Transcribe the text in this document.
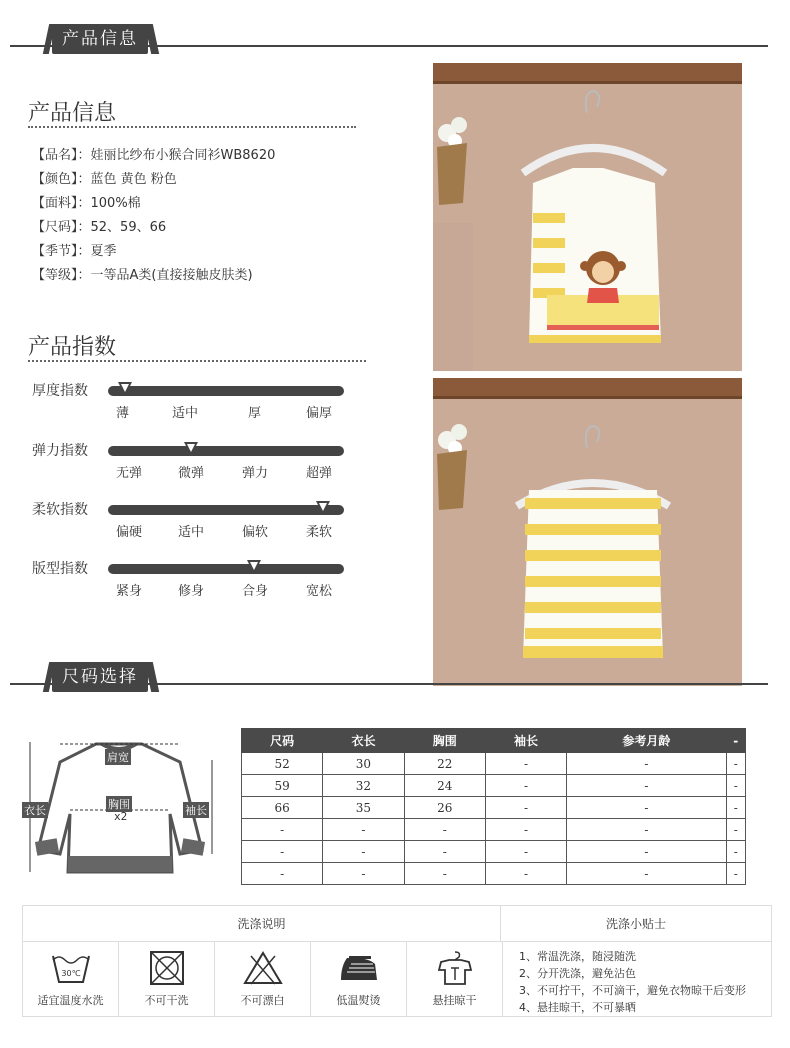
产品信息
产品信息
【品名】：娃丽比纱布小猴合同衫WB8620
【颜色】：蓝色 黄色 粉色
【面料】：100%棉
【尺码】：52、59、66
【季节】：夏季
【等级】：一等品A类(直接接触皮肤类)
产品指数
厚度指数
薄	适中	厚	偏厚
弹力指数
无弹	微弹	弹力	超弹
柔软指数
偏硬	适中	偏软	柔软
版型指数
紧身	修身	合身	宽松
尺码选择
肩宽
胸围
x2
衣长	袖长
尺码	衣长	胸围	袖长	参考月龄	-
52	30	22	-	-	-
59	32	24	-	-	-
66	35	26	-	-	-
-	-	-	-	-	-
-	-	-	-	-	-
-	-	-	-	-	-
洗涤说明	洗涤小贴士
30℃
适宜温度水洗	不可干洗	不可漂白	低温熨烫	悬挂晾干
1、常温洗涤，随浸随洗
2、分开洗涤，避免沾色
3、不可拧干，不可滴干，避免衣物晾干后变形
4、悬挂晾干，不可暴晒
